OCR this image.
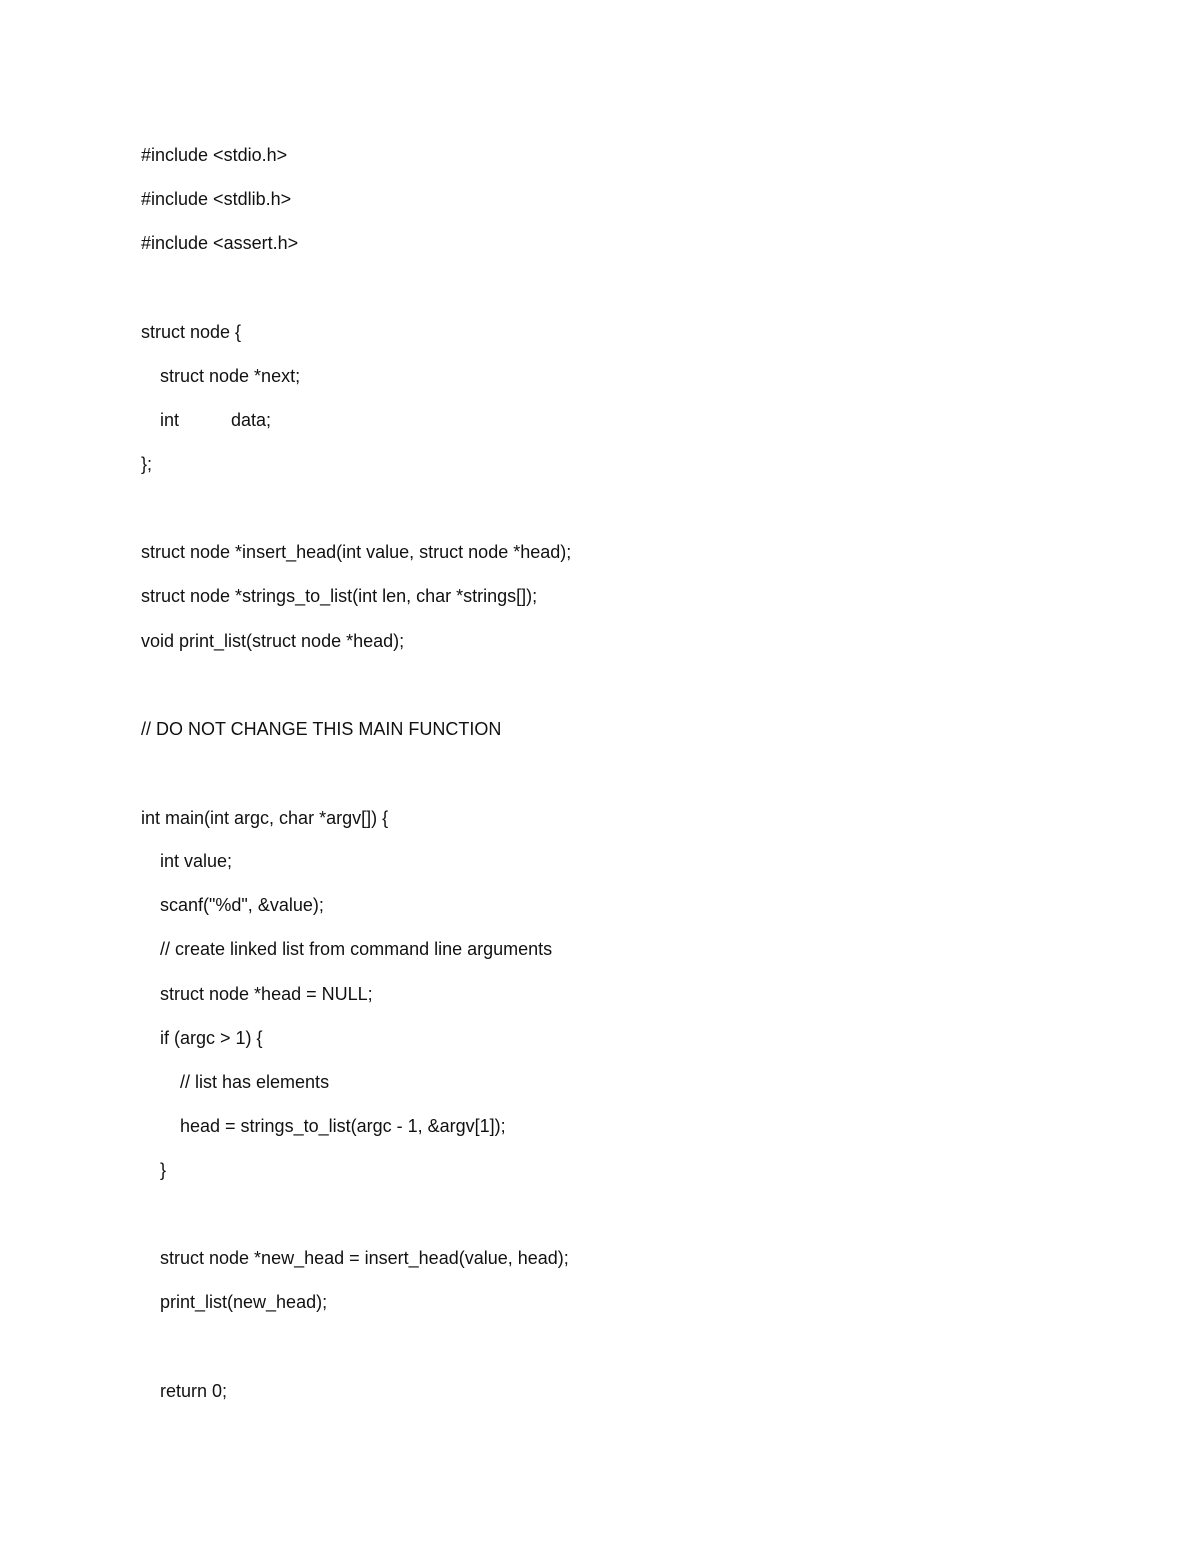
#include <stdio.h>
#include <stdlib.h>
#include <assert.h>
struct node {
struct node *next;
int	data;
};
struct node *insert_head(int value, struct node *head);
struct node *strings_to_list(int len, char *strings[]);
void print_list(struct node *head);
// DO NOT CHANGE THIS MAIN FUNCTION
int main(int argc, char *argv[]) {
int value;
scanf("%d", &value);
// create linked list from command line arguments
struct node *head = NULL;
if (argc > 1) {
// list has elements
head = strings_to_list(argc - 1, &argv[1]);
}
struct node *new_head = insert_head(value, head);
print_list(new_head);
return 0;
